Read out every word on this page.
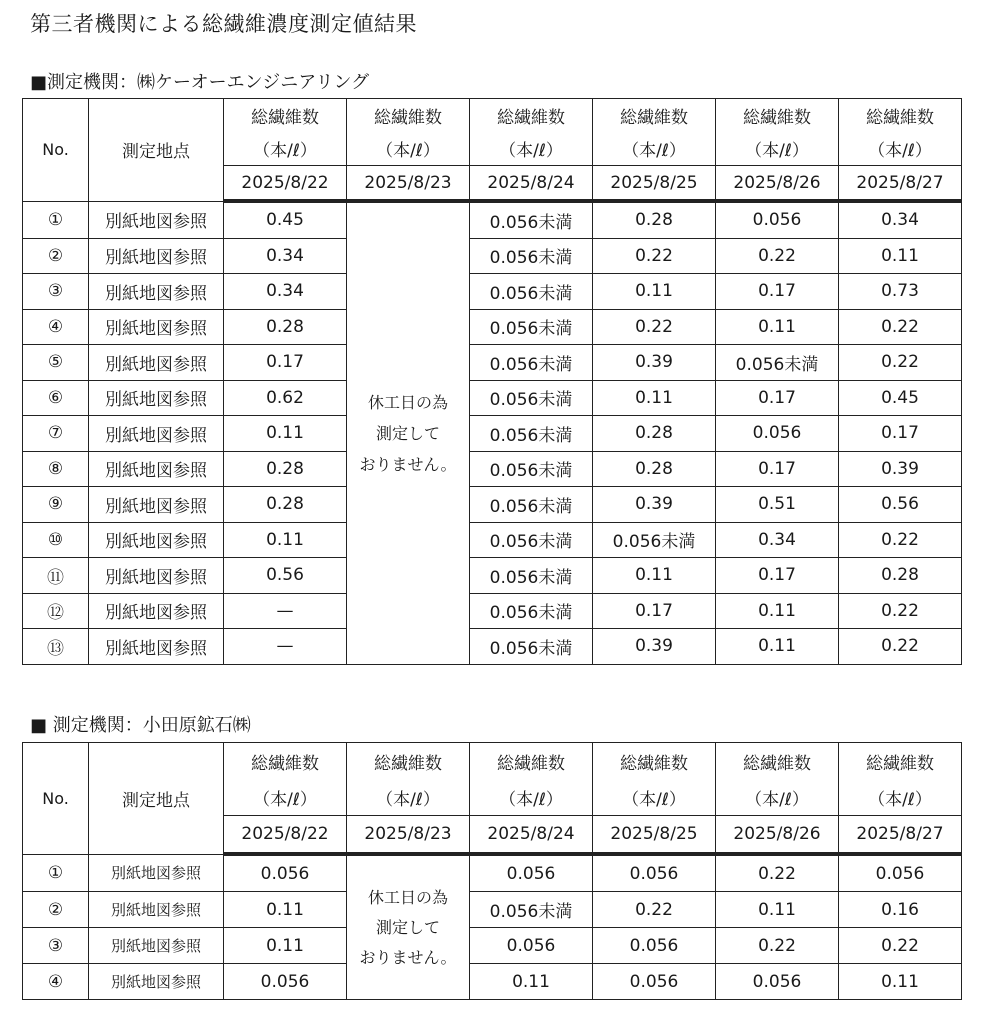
第三者機関による総繊維濃度測定値結果
■測定機関：㈱ケーオーエンジニアリング
No.	測定地点	総繊維数	総繊維数	総繊維数	総繊維数	総繊維数	総繊維数
		（本/ℓ）	（本/ℓ）	（本/ℓ）	（本/ℓ）	（本/ℓ）	（本/ℓ）
		2025/8/22	2025/8/23	2025/8/24	2025/8/25	2025/8/26	2025/8/27
①	別紙地図参照	0.45	休工日の為
測定して
おりません。	0.056未満	0.28	0.056	0.34
②	別紙地図参照	0.34		0.056未満	0.22	0.22	0.11
③	別紙地図参照	0.34		0.056未満	0.11	0.17	0.73
④	別紙地図参照	0.28		0.056未満	0.22	0.11	0.22
⑤	別紙地図参照	0.17		0.056未満	0.39	0.056未満	0.22
⑥	別紙地図参照	0.62		0.056未満	0.11	0.17	0.45
⑦	別紙地図参照	0.11		0.056未満	0.28	0.056	0.17
⑧	別紙地図参照	0.28		0.056未満	0.28	0.17	0.39
⑨	別紙地図参照	0.28		0.056未満	0.39	0.51	0.56
⑩	別紙地図参照	0.11		0.056未満	0.056未満	0.34	0.22
⑪	別紙地図参照	0.56		0.056未満	0.11	0.17	0.28
⑫	別紙地図参照	—		0.056未満	0.17	0.11	0.22
⑬	別紙地図参照	—		0.056未満	0.39	0.11	0.22
■ 測定機関：小田原鉱石㈱
No.	測定地点	総繊維数	総繊維数	総繊維数	総繊維数	総繊維数	総繊維数
		（本/ℓ）	（本/ℓ）	（本/ℓ）	（本/ℓ）	（本/ℓ）	（本/ℓ）
		2025/8/22	2025/8/23	2025/8/24	2025/8/25	2025/8/26	2025/8/27
①	別紙地図参照	0.056	休工日の為
測定して
おりません。	0.056	0.056	0.22	0.056
②	別紙地図参照	0.11		0.056未満	0.22	0.11	0.16
③	別紙地図参照	0.11		0.056	0.056	0.22	0.22
④	別紙地図参照	0.056		0.11	0.056	0.056	0.11
